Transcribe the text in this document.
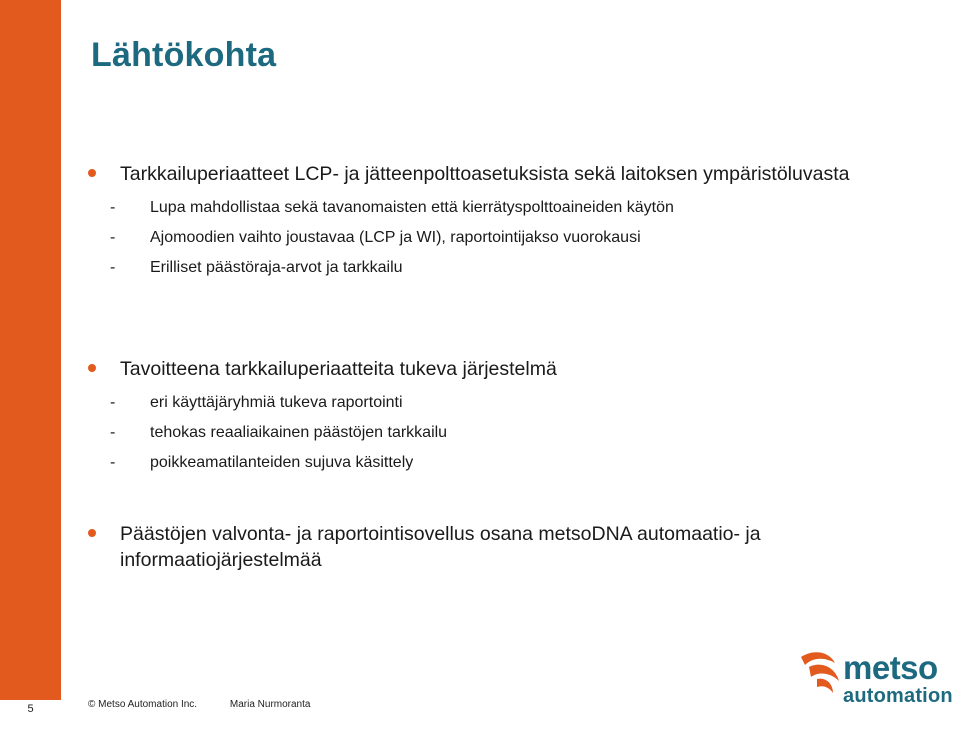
5
Lähtökohta
Tarkkailuperiaatteet LCP- ja jätteenpolttoasetuksista sekä laitoksen ympäristöluvasta
- Lupa mahdollistaa sekä tavanomaisten että kierrätyspolttoaineiden käytön
- Ajomoodien vaihto joustavaa (LCP ja WI), raportointijakso vuorokausi
- Erilliset päästöraja-arvot ja tarkkailu
Tavoitteena tarkkailuperiaatteita tukeva järjestelmä
- eri käyttäjäryhmiä tukeva raportointi
- tehokas reaaliaikainen päästöjen tarkkailu
- poikkeamatilanteiden sujuva käsittely
Päästöjen valvonta- ja raportointisovellus osana metsoDNA automaatio- ja informaatiojärjestelmää
© Metso Automation Inc.	Maria Nurmoranta
metso
automation
